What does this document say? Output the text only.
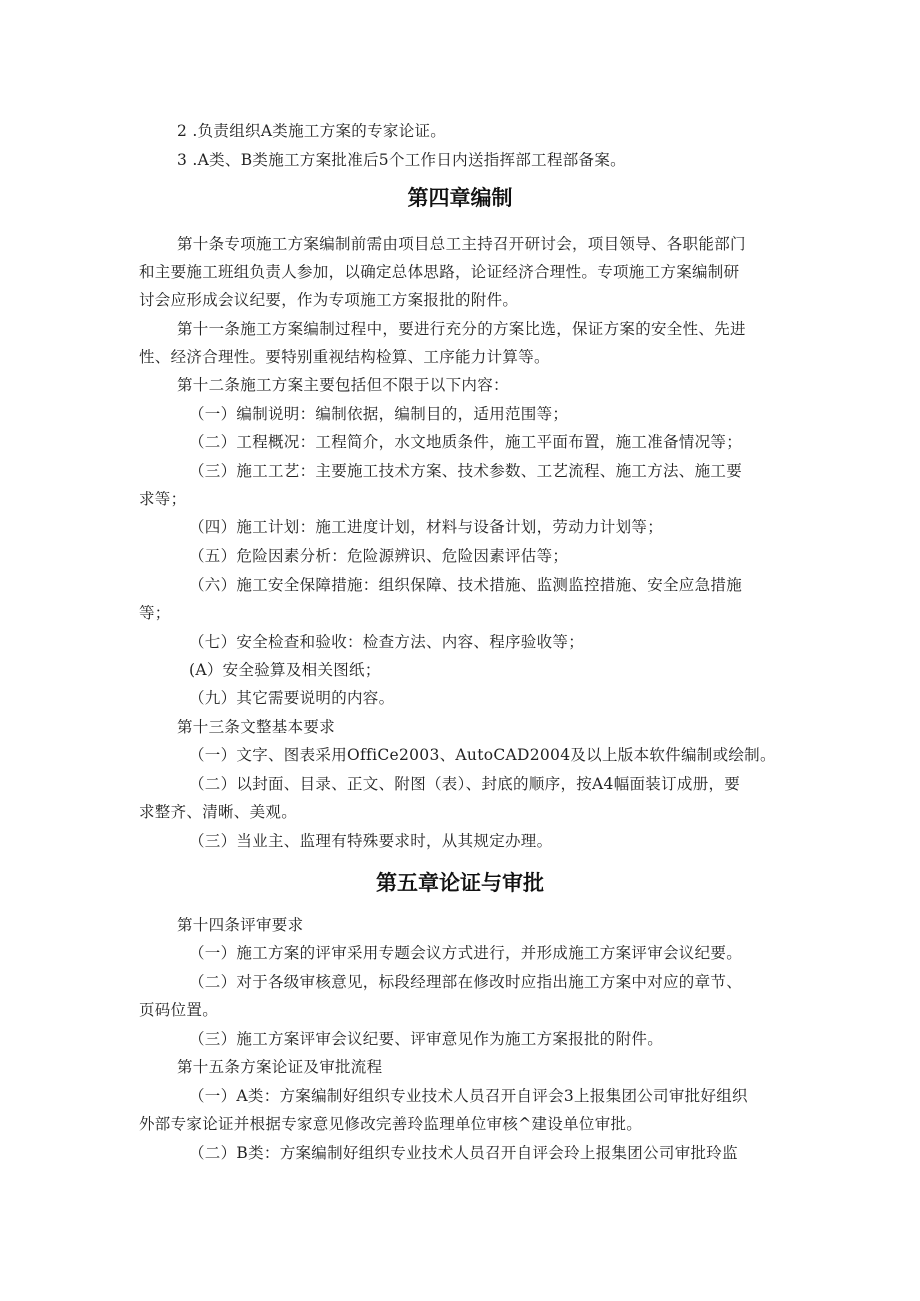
2 .负责组织A类施工方案的专家论证。
3 .A类、B类施工方案批准后5个工作日内送指挥部工程部备案。
第四章编制
第十条专项施工方案编制前需由项目总工主持召开研讨会，项目领导、各职能部门
和主要施工班组负责人参加，以确定总体思路，论证经济合理性。专项施工方案编制研
讨会应形成会议纪要，作为专项施工方案报批的附件。
第十一条施工方案编制过程中，要进行充分的方案比选，保证方案的安全性、先进
性、经济合理性。要特别重视结构检算、工序能力计算等。
第十二条施工方案主要包括但不限于以下内容：
（一）编制说明：编制依据，编制目的，适用范围等；
（二）工程概况：工程简介，水文地质条件，施工平面布置，施工准备情况等；
（三）施工工艺：主要施工技术方案、技术参数、工艺流程、施工方法、施工要
求等；
（四）施工计划：施工进度计划，材料与设备计划，劳动力计划等；
（五）危险因素分析：危险源辨识、危险因素评估等；
（六）施工安全保障措施：组织保障、技术措施、监测监控措施、安全应急措施
等；
（七）安全检查和验收：检查方法、内容、程序验收等；
(A）安全验算及相关图纸；
（九）其它需要说明的内容。
第十三条文整基本要求
（一）文字、图表采用OffiCe2003、AutoCAD2004及以上版本软件编制或绘制。
（二）以封面、目录、正文、附图（表）、封底的顺序，按A4幅面装订成册，要
求整齐、清晰、美观。
（三）当业主、监理有特殊要求时，从其规定办理。
第五章论证与审批
第十四条评审要求
（一）施工方案的评审采用专题会议方式进行，并形成施工方案评审会议纪要。
（二）对于各级审核意见，标段经理部在修改时应指出施工方案中对应的章节、
页码位置。
（三）施工方案评审会议纪要、评审意见作为施工方案报批的附件。
第十五条方案论证及审批流程
（一）A类：方案编制好组织专业技术人员召开自评会3上报集团公司审批好组织
外部专家论证并根据专家意见修改完善玲监理单位审核^建设单位审批。
（二）B类：方案编制好组织专业技术人员召开自评会玲上报集团公司审批玲监
